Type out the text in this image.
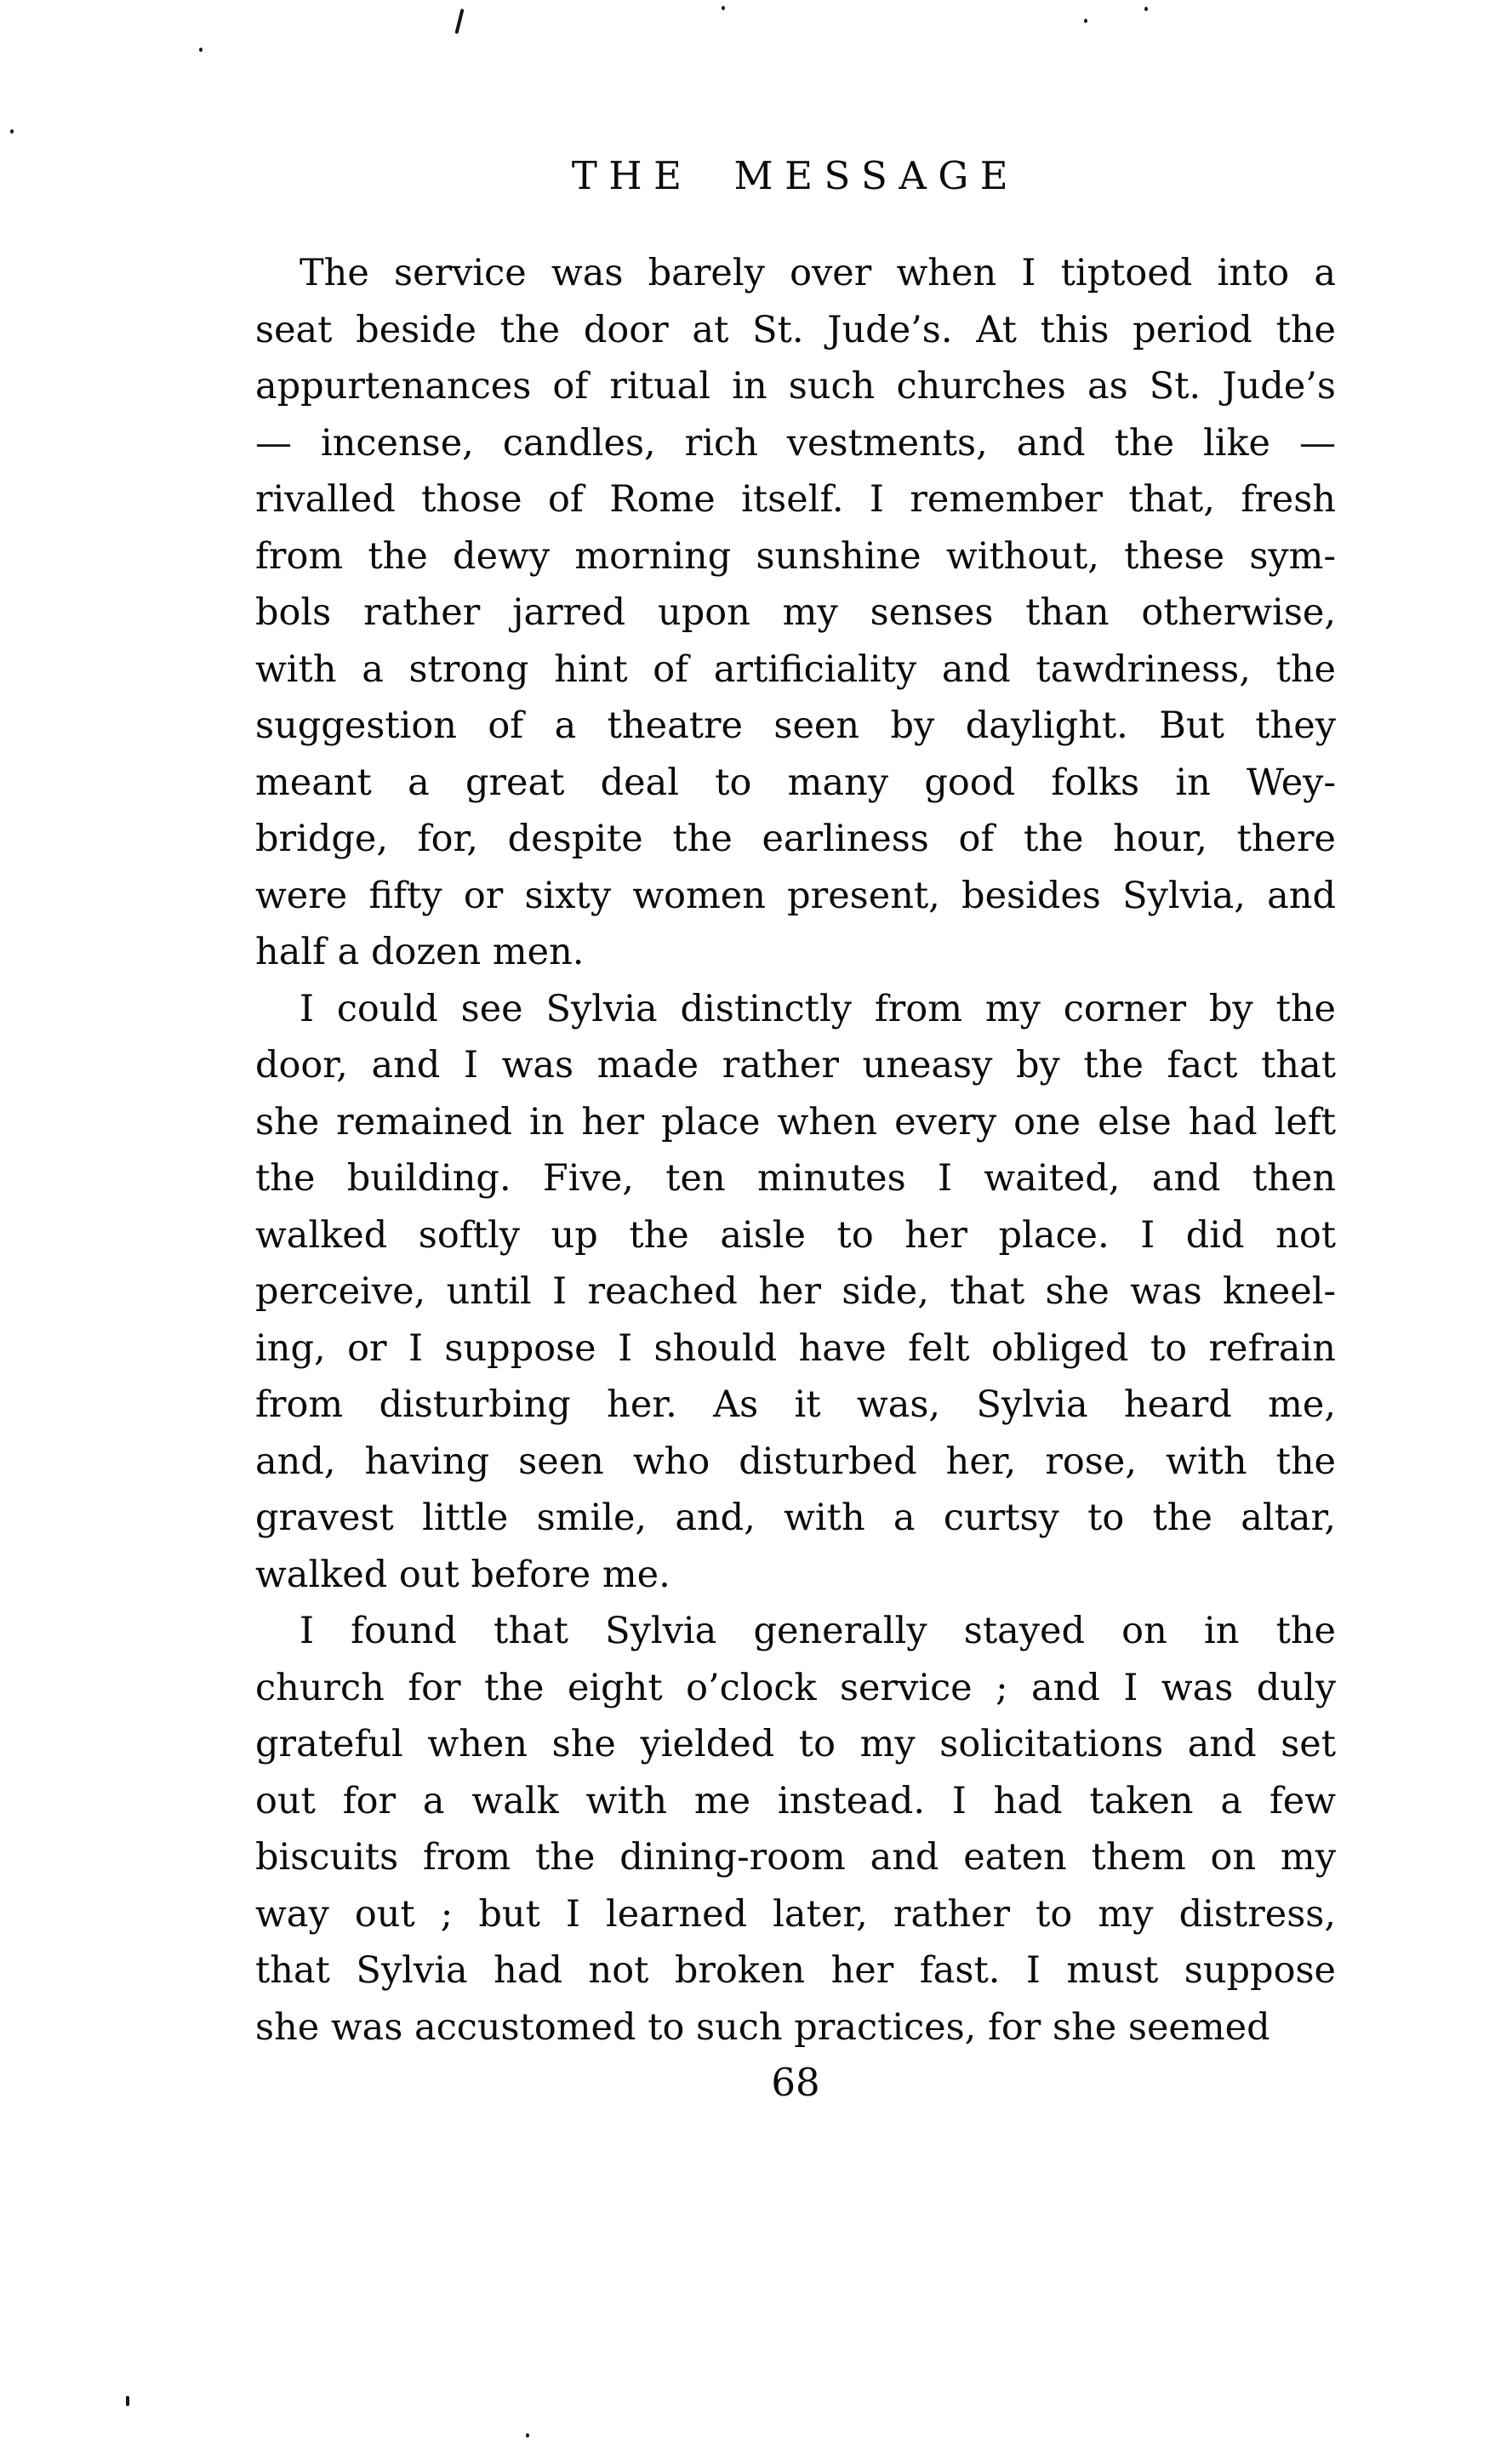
THE MESSAGE
The service was barely over when I tiptoed into a
seat beside the door at St. Jude’s. At this period the
appurtenances of ritual in such churches as St. Jude’s
— incense, candles, rich vestments, and the like —
rivalled those of Rome itself. I remember that, fresh
from the dewy morning sunshine without, these sym-
bols rather jarred upon my senses than otherwise,
with a strong hint of artificiality and tawdriness, the
suggestion of a theatre seen by daylight. But they
meant a great deal to many good folks in Wey-
bridge, for, despite the earliness of the hour, there
were fifty or sixty women present, besides Sylvia, and
half a dozen men.
I could see Sylvia distinctly from my corner by the
door, and I was made rather uneasy by the fact that
she remained in her place when every one else had left
the building. Five, ten minutes I waited, and then
walked softly up the aisle to her place. I did not
perceive, until I reached her side, that she was kneel-
ing, or I suppose I should have felt obliged to refrain
from disturbing her. As it was, Sylvia heard me,
and, having seen who disturbed her, rose, with the
gravest little smile, and, with a curtsy to the altar,
walked out before me.
I found that Sylvia generally stayed on in the
church for the eight o’clock service ; and I was duly
grateful when she yielded to my solicitations and set
out for a walk with me instead. I had taken a few
biscuits from the dining-room and eaten them on my
way out ; but I learned later, rather to my distress,
that Sylvia had not broken her fast. I must suppose
she was accustomed to such practices, for she seemed
68
